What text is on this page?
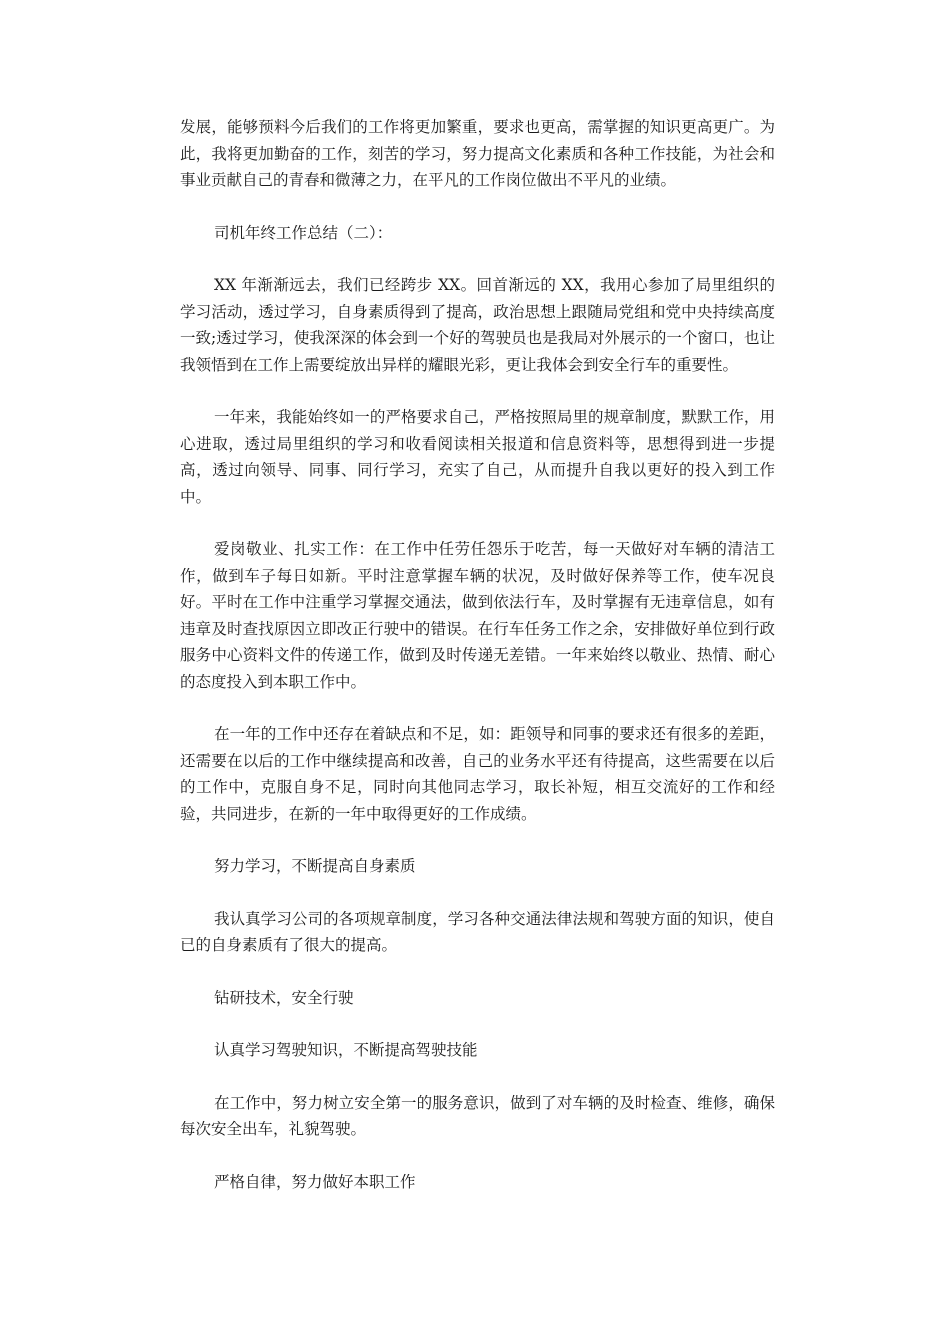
发展，能够预料今后我们的工作将更加繁重，要求也更高，需掌握的知识更高更广。为此，我将更加勤奋的工作，刻苦的学习，努力提高文化素质和各种工作技能，为社会和事业贡献自己的青春和微薄之力，在平凡的工作岗位做出不平凡的业绩。

司机年终工作总结（二）：

XX 年渐渐远去，我们已经跨步 XX。回首渐远的 XX，我用心参加了局里组织的学习活动，透过学习，自身素质得到了提高，政治思想上跟随局党组和党中央持续高度一致;透过学习，使我深深的体会到一个好的驾驶员也是我局对外展示的一个窗口，也让我领悟到在工作上需要绽放出异样的耀眼光彩，更让我体会到安全行车的重要性。

一年来，我能始终如一的严格要求自己，严格按照局里的规章制度，默默工作，用心进取，透过局里组织的学习和收看阅读相关报道和信息资料等，思想得到进一步提高，透过向领导、同事、同行学习，充实了自己，从而提升自我以更好的投入到工作中。

爱岗敬业、扎实工作：在工作中任劳任怨乐于吃苦，每一天做好对车辆的清洁工作，做到车子每日如新。平时注意掌握车辆的状况，及时做好保养等工作，使车况良好。平时在工作中注重学习掌握交通法，做到依法行车，及时掌握有无违章信息，如有违章及时查找原因立即改正行驶中的错误。在行车任务工作之余，安排做好单位到行政服务中心资料文件的传递工作，做到及时传递无差错。一年来始终以敬业、热情、耐心的态度投入到本职工作中。

在一年的工作中还存在着缺点和不足，如：距领导和同事的要求还有很多的差距，还需要在以后的工作中继续提高和改善，自己的业务水平还有待提高，这些需要在以后的工作中，克服自身不足，同时向其他同志学习，取长补短，相互交流好的工作和经验，共同进步，在新的一年中取得更好的工作成绩。

努力学习，不断提高自身素质

我认真学习公司的各项规章制度，学习各种交通法律法规和驾驶方面的知识，使自已的自身素质有了很大的提高。

钻研技术，安全行驶

认真学习驾驶知识，不断提高驾驶技能

在工作中，努力树立安全第一的服务意识，做到了对车辆的及时检查、维修，确保每次安全出车，礼貌驾驶。

严格自律，努力做好本职工作
